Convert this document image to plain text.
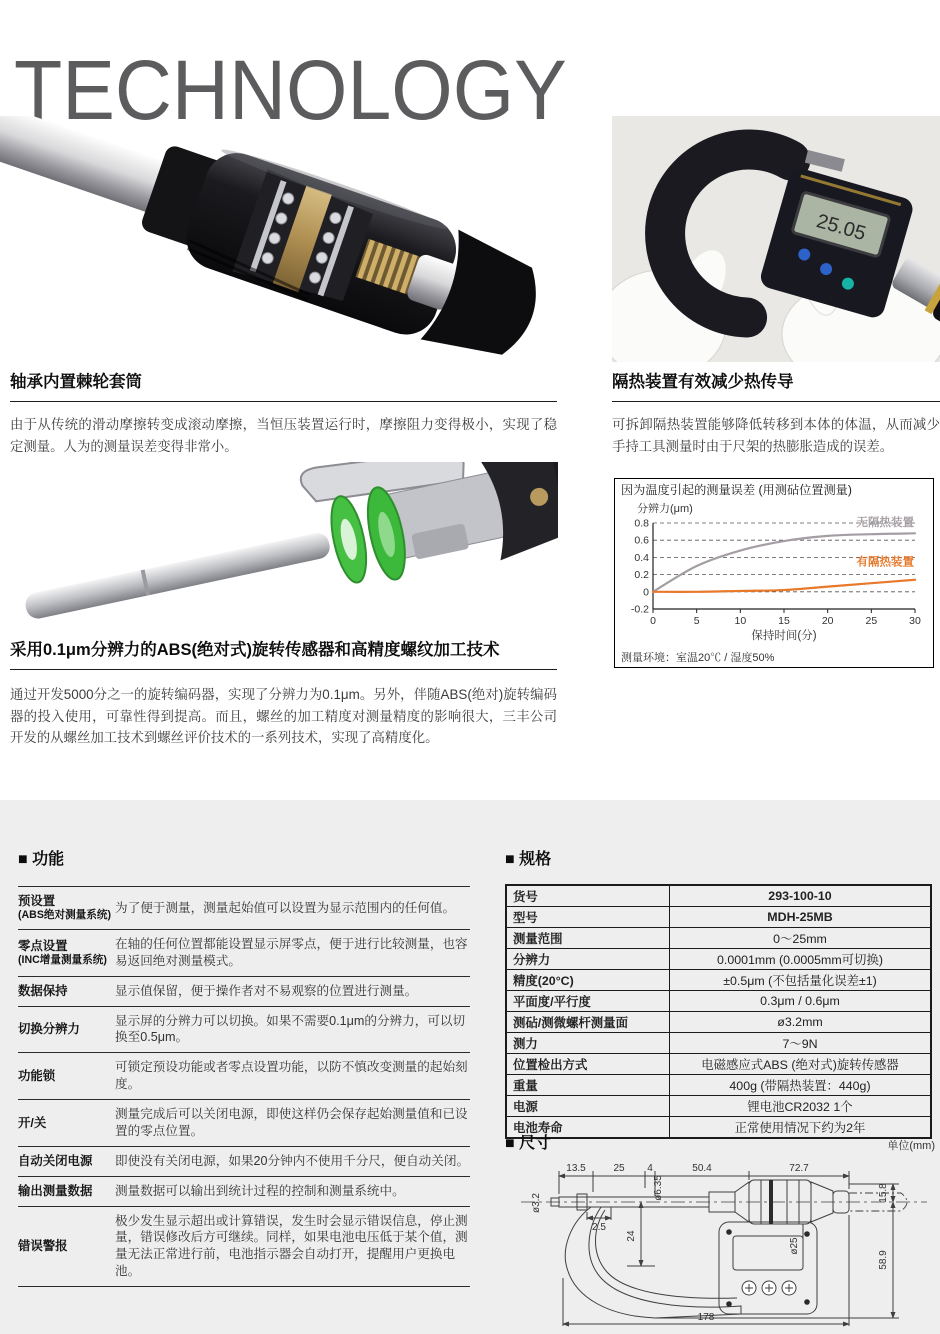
TECHNOLOGY
轴承内置棘轮套筒

由于从传统的滑动摩擦转变成滚动摩擦，当恒压装置运行时，摩擦阻力变得极小，实现了稳定测量。人为的测量误差变得非常小。

采用0.1μm分辨力的ABS(绝对式)旋转传感器和高精度螺纹加工技术

通过开发5000分之一的旋转编码器，实现了分辨力为0.1μm。另外，伴随ABS(绝对)旋转编码器的投入使用，可靠性得到提高。而且，螺丝的加工精度对测量精度的影响很大，三丰公司开发的从螺丝加工技术到螺丝评价技术的一系列技术，实现了高精度化。

25.05
隔热装置有效减少热传导

可拆卸隔热装置能够降低转移到本体的体温，从而减少手持工具测量时由于尺架的热膨胀造成的误差。

因为温度引起的测量误差 (用测砧位置测量)
分辨力(μm)
0.8
0.6
0.4
0.2
0
-0.2
0	5	10	15	20	25	30
保持时间(分)
无隔热装置
有隔热装置
测量环境：室温20℃ / 湿度50%
■ 功能
预设置
(ABS绝对测量系统)	为了便于测量，测量起始值可以设置为显示范围内的任何值。

零点设置
(INC增量测量系统)	在轴的任何位置都能设置显示屏零点，便于进行比较测量，也容易返回绝对测量模式。

数据保持	显示值保留，便于操作者对不易观察的位置进行测量。

切换分辨力	显示屏的分辨力可以切换。如果不需要0.1μm的分辨力，可以切换至0.5μm。

功能锁	可锁定预设功能或者零点设置功能，以防不慎改变测量的起始刻度。

开/关	测量完成后可以关闭电源，即使这样仍会保存起始测量值和已设置的零点位置。

自动关闭电源	即使没有关闭电源，如果20分钟内不使用千分尺，便自动关闭。

输出测量数据	测量数据可以输出到统计过程的控制和测量系统中。

错误警报	极少发生显示超出或计算错误，发生时会显示错误信息，停止测量，错误修改后方可继续。同样，如果电池电压低于某个值，测量无法正常进行前，电池指示器会自动打开，提醒用户更换电池。
■ 规格
货号	293-100-10
型号	MDH-25MB
测量范围	0～25mm
分辨力	0.0001mm (0.0005mm可切换)
精度(20°C)	±0.5μm (不包括量化误差±1)
平面度/平行度	0.3μm / 0.6μm
测砧/测微螺杆测量面	ø3.2mm
测力	7～9N
位置检出方式	电磁感应式ABS (绝对式)旋转传感器
重量	400g (带隔热装置：440g)
电源	锂电池CR2032 1个
电池寿命	正常使用情况下约为2年
■ 尺寸	单位(mm)
13.5	25 4	50.4	72.7
ø6.35
ø3.2
2.5
24
ø25
15.8
58.9
178
